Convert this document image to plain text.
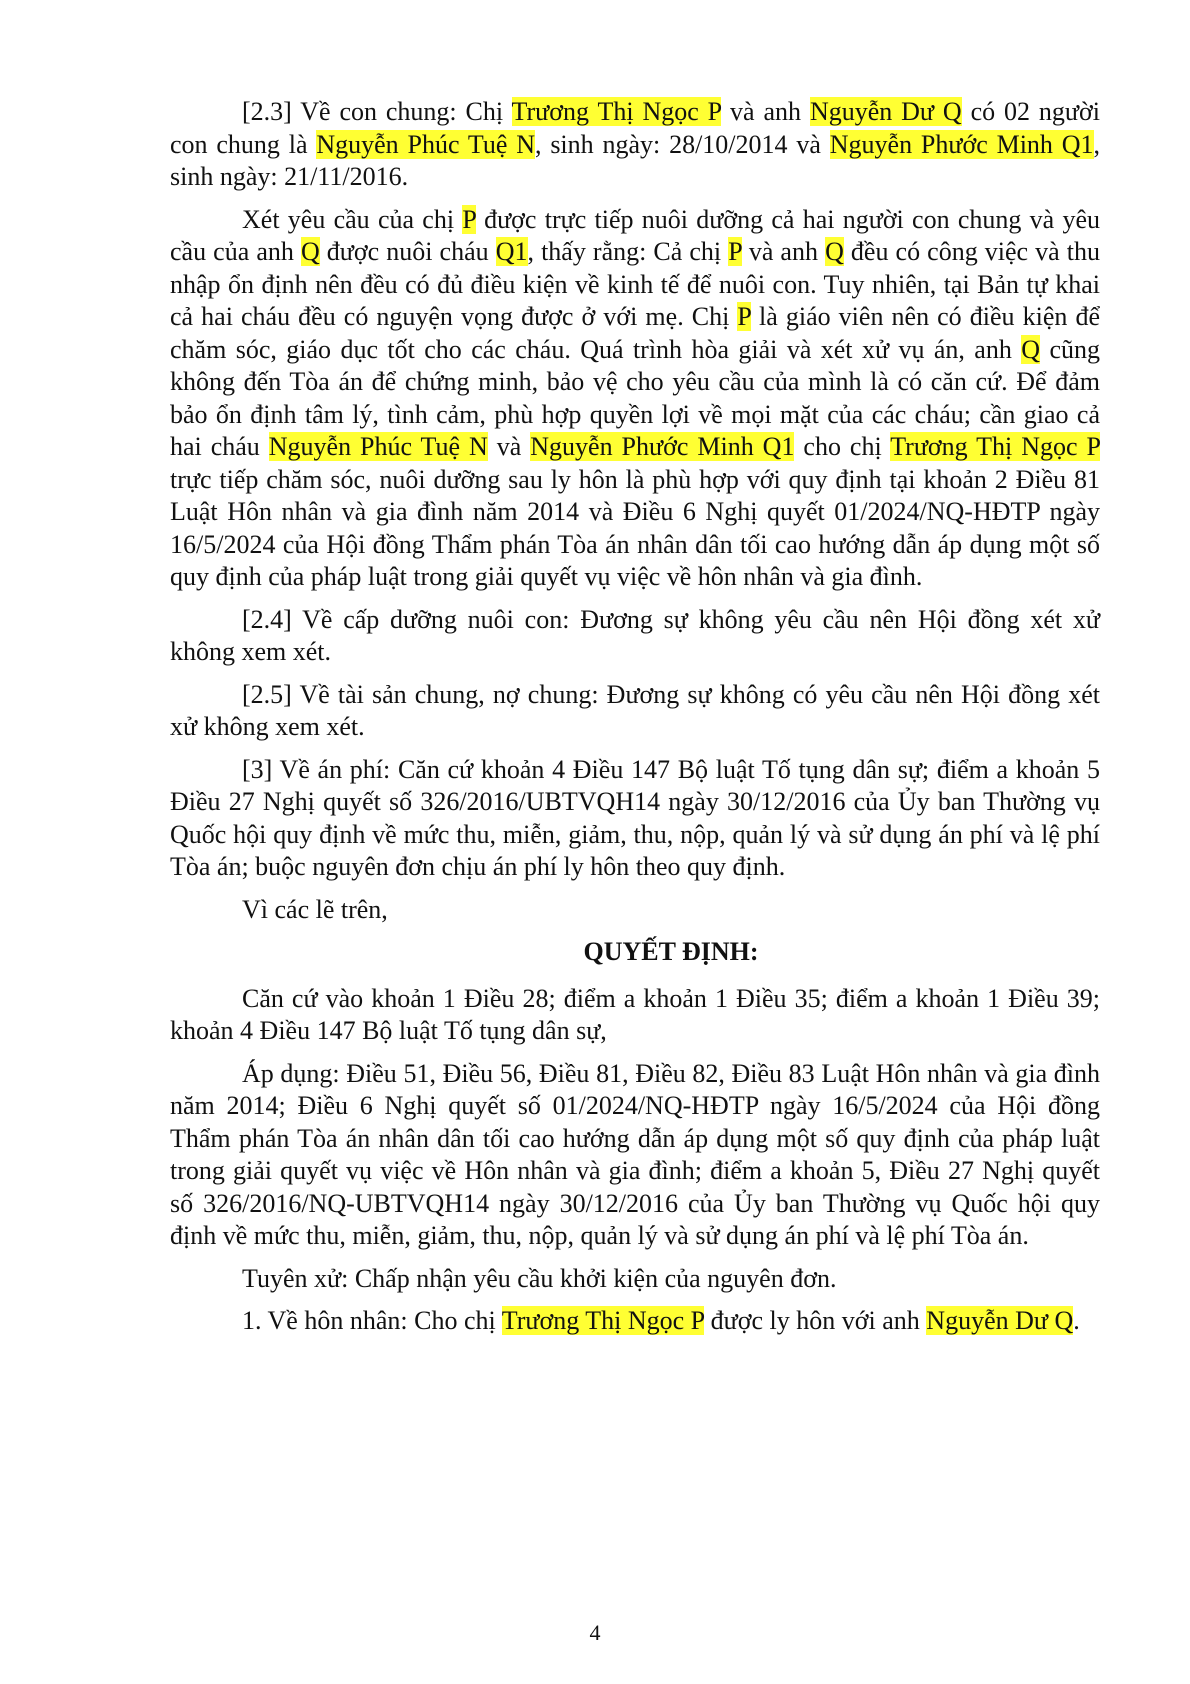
[2.3] Về con chung: Chị Trương Thị Ngọc P và anh Nguyễn Dư Q có 02 người con chung là Nguyễn Phúc Tuệ N, sinh ngày: 28/10/2014 và Nguyễn Phước Minh Q1, sinh ngày: 21/11/2016.

Xét yêu cầu của chị P được trực tiếp nuôi dưỡng cả hai người con chung và yêu cầu của anh Q được nuôi cháu Q1, thấy rằng: Cả chị P và anh Q đều có công việc và thu nhập ổn định nên đều có đủ điều kiện về kinh tế để nuôi con. Tuy nhiên, tại Bản tự khai cả hai cháu đều có nguyện vọng được ở với mẹ. Chị P là giáo viên nên có điều kiện để chăm sóc, giáo dục tốt cho các cháu. Quá trình hòa giải và xét xử vụ án, anh Q cũng không đến Tòa án để chứng minh, bảo vệ cho yêu cầu của mình là có căn cứ. Để đảm bảo ổn định tâm lý, tình cảm, phù hợp quyền lợi về mọi mặt của các cháu; cần giao cả hai cháu Nguyễn Phúc Tuệ N và Nguyễn Phước Minh Q1 cho chị Trương Thị Ngọc P trực tiếp chăm sóc, nuôi dưỡng sau ly hôn là phù hợp với quy định tại khoản 2 Điều 81 Luật Hôn nhân và gia đình năm 2014 và Điều 6 Nghị quyết 01/2024/NQ-HĐTP ngày 16/5/2024 của Hội đồng Thẩm phán Tòa án nhân dân tối cao hướng dẫn áp dụng một số quy định của pháp luật trong giải quyết vụ việc về hôn nhân và gia đình.

[2.4] Về cấp dưỡng nuôi con: Đương sự không yêu cầu nên Hội đồng xét xử không xem xét.

[2.5] Về tài sản chung, nợ chung: Đương sự không có yêu cầu nên Hội đồng xét xử không xem xét.

[3] Về án phí: Căn cứ khoản 4 Điều 147 Bộ luật Tố tụng dân sự; điểm a khoản 5 Điều 27 Nghị quyết số 326/2016/UBTVQH14 ngày 30/12/2016 của Ủy ban Thường vụ Quốc hội quy định về mức thu, miễn, giảm, thu, nộp, quản lý và sử dụng án phí và lệ phí Tòa án; buộc nguyên đơn chịu án phí ly hôn theo quy định.

Vì các lẽ trên,

QUYẾT ĐỊNH:

Căn cứ vào khoản 1 Điều 28; điểm a khoản 1 Điều 35; điểm a khoản 1 Điều 39; khoản 4 Điều 147 Bộ luật Tố tụng dân sự,

Áp dụng: Điều 51, Điều 56, Điều 81, Điều 82, Điều 83 Luật Hôn nhân và gia đình năm 2014; Điều 6 Nghị quyết số 01/2024/NQ-HĐTP ngày 16/5/2024 của Hội đồng Thẩm phán Tòa án nhân dân tối cao hướng dẫn áp dụng một số quy định của pháp luật trong giải quyết vụ việc về Hôn nhân và gia đình; điểm a khoản 5, Điều 27 Nghị quyết số 326/2016/NQ-UBTVQH14 ngày 30/12/2016 của Ủy ban Thường vụ Quốc hội quy định về mức thu, miễn, giảm, thu, nộp, quản lý và sử dụng án phí và lệ phí Tòa án.

Tuyên xử: Chấp nhận yêu cầu khởi kiện của nguyên đơn.

1. Về hôn nhân: Cho chị Trương Thị Ngọc P được ly hôn với anh Nguyễn Dư Q.

4
